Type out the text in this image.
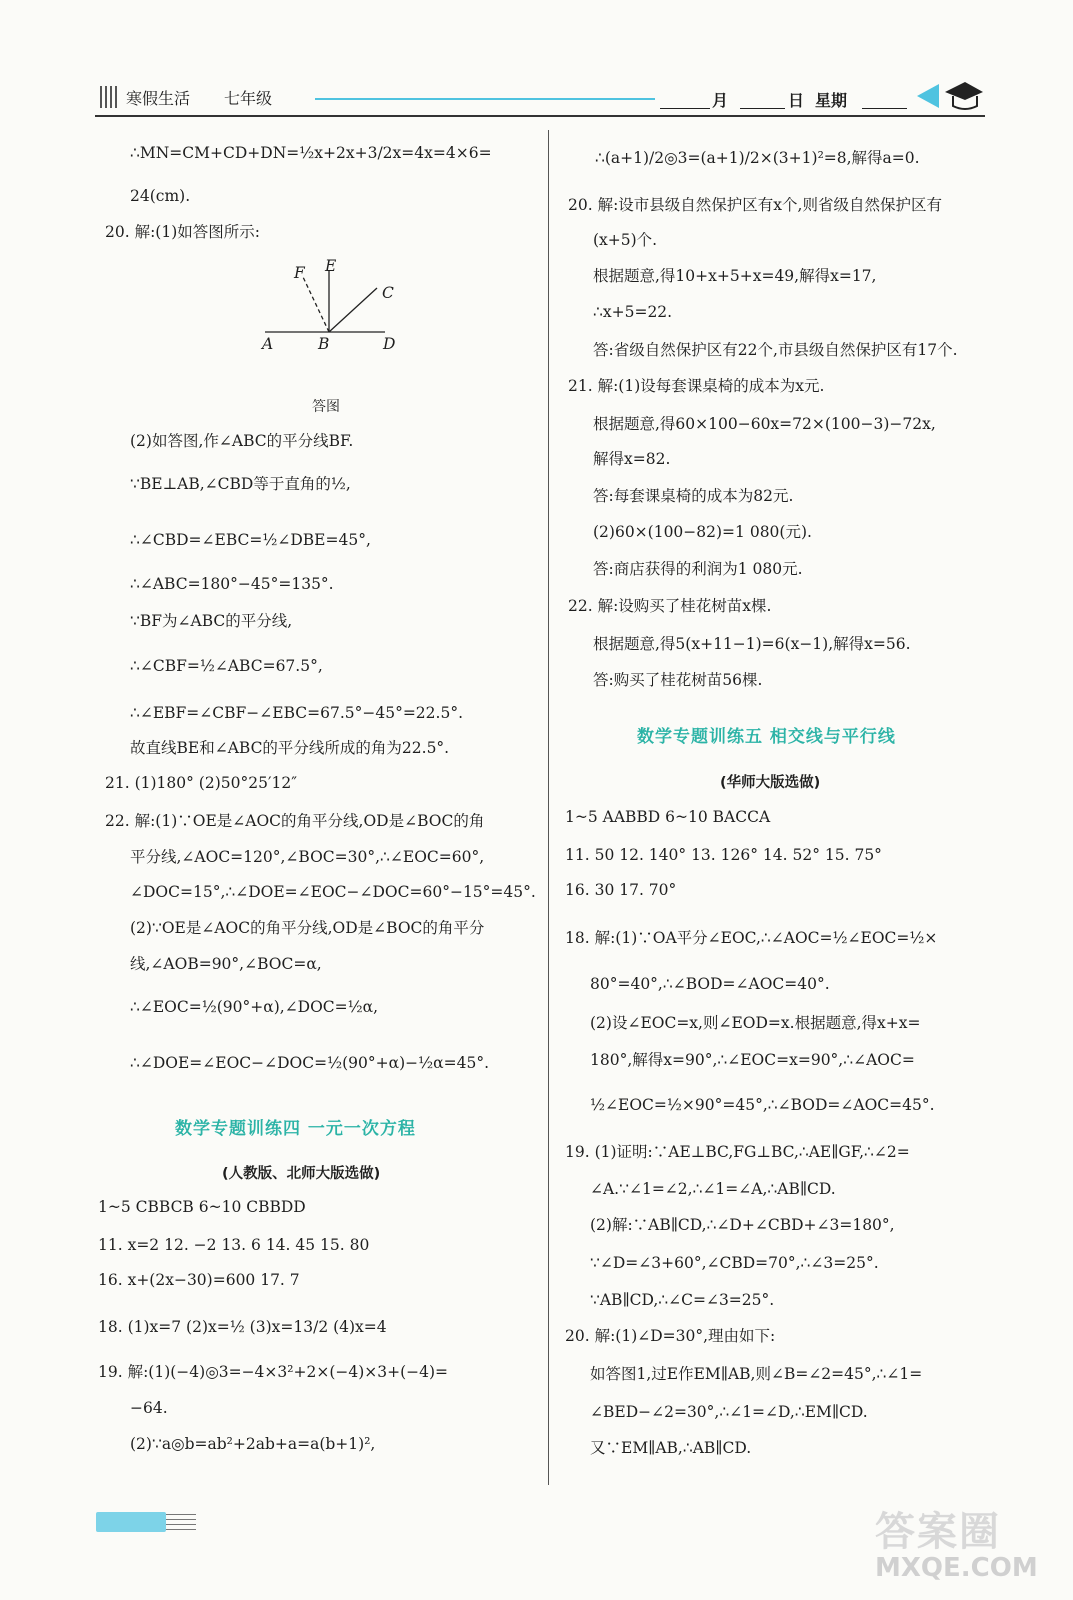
寒假生活 七年级	月	日 星期
∴MN=CM+CD+DN=½x+2x+3/2x=4x=4×6=
24(cm).
20. 解:(1)如答图所示:
F E
C
A	B	D
答图
(2)如答图,作∠ABC的平分线BF.
∵BE⊥AB,∠CBD等于直角的½,
∴∠CBD=∠EBC=½∠DBE=45°,
∴∠ABC=180°−45°=135°.
∵BF为∠ABC的平分线,
∴∠CBF=½∠ABC=67.5°,
∴∠EBF=∠CBF−∠EBC=67.5°−45°=22.5°.
故直线BE和∠ABC的平分线所成的角为22.5°.
21. (1)180° (2)50°25′12″
22. 解:(1)∵OE是∠AOC的角平分线,OD是∠BOC的角
平分线,∠AOC=120°,∠BOC=30°,∴∠EOC=60°,
∠DOC=15°,∴∠DOE=∠EOC−∠DOC=60°−15°=45°.
(2)∵OE是∠AOC的角平分线,OD是∠BOC的角平分
线,∠AOB=90°,∠BOC=α,
∴∠EOC=½(90°+α),∠DOC=½α,
∴∠DOE=∠EOC−∠DOC=½(90°+α)−½α=45°.
数学专题训练四 一元一次方程
(人教版、北师大版选做)
1~5 CBBCB 6~10 CBBDD
11. x=2 12. −2 13. 6 14. 45 15. 80
16. x+(2x−30)=600 17. 7
18. (1)x=7 (2)x=½ (3)x=13/2 (4)x=4
19. 解:(1)(−4)◎3=−4×3²+2×(−4)×3+(−4)=
−64.
(2)∵a◎b=ab²+2ab+a=a(b+1)²,
∴(a+1)/2◎3=(a+1)/2×(3+1)²=8,解得a=0.
20. 解:设市县级自然保护区有x个,则省级自然保护区有
(x+5)个.
根据题意,得10+x+5+x=49,解得x=17,
∴x+5=22.
答:省级自然保护区有22个,市县级自然保护区有17个.
21. 解:(1)设每套课桌椅的成本为x元.
根据题意,得60×100−60x=72×(100−3)−72x,
解得x=82.
答:每套课桌椅的成本为82元.
(2)60×(100−82)=1 080(元).
答:商店获得的利润为1 080元.
22. 解:设购买了桂花树苗x棵.
根据题意,得5(x+11−1)=6(x−1),解得x=56.
答:购买了桂花树苗56棵.
数学专题训练五 相交线与平行线
(华师大版选做)
1~5 AABBD 6~10 BACCA
11. 50 12. 140° 13. 126° 14. 52° 15. 75°
16. 30 17. 70°
18. 解:(1)∵OA平分∠EOC,∴∠AOC=½∠EOC=½×
80°=40°,∴∠BOD=∠AOC=40°.
(2)设∠EOC=x,则∠EOD=x.根据题意,得x+x=
180°,解得x=90°,∴∠EOC=x=90°,∴∠AOC=
½∠EOC=½×90°=45°,∴∠BOD=∠AOC=45°.
19. (1)证明:∵AE⊥BC,FG⊥BC,∴AE∥GF,∴∠2=
∠A.∵∠1=∠2,∴∠1=∠A,∴AB∥CD.
(2)解:∵AB∥CD,∴∠D+∠CBD+∠3=180°,
∵∠D=∠3+60°,∠CBD=70°,∴∠3=25°.
∵AB∥CD,∴∠C=∠3=25°.
20. 解:(1)∠D=30°,理由如下:
如答图1,过E作EM∥AB,则∠B=∠2=45°,∴∠1=
∠BED−∠2=30°,∴∠1=∠D,∴EM∥CD.
又∵EM∥AB,∴AB∥CD.
答案圈
MXQE.COM
